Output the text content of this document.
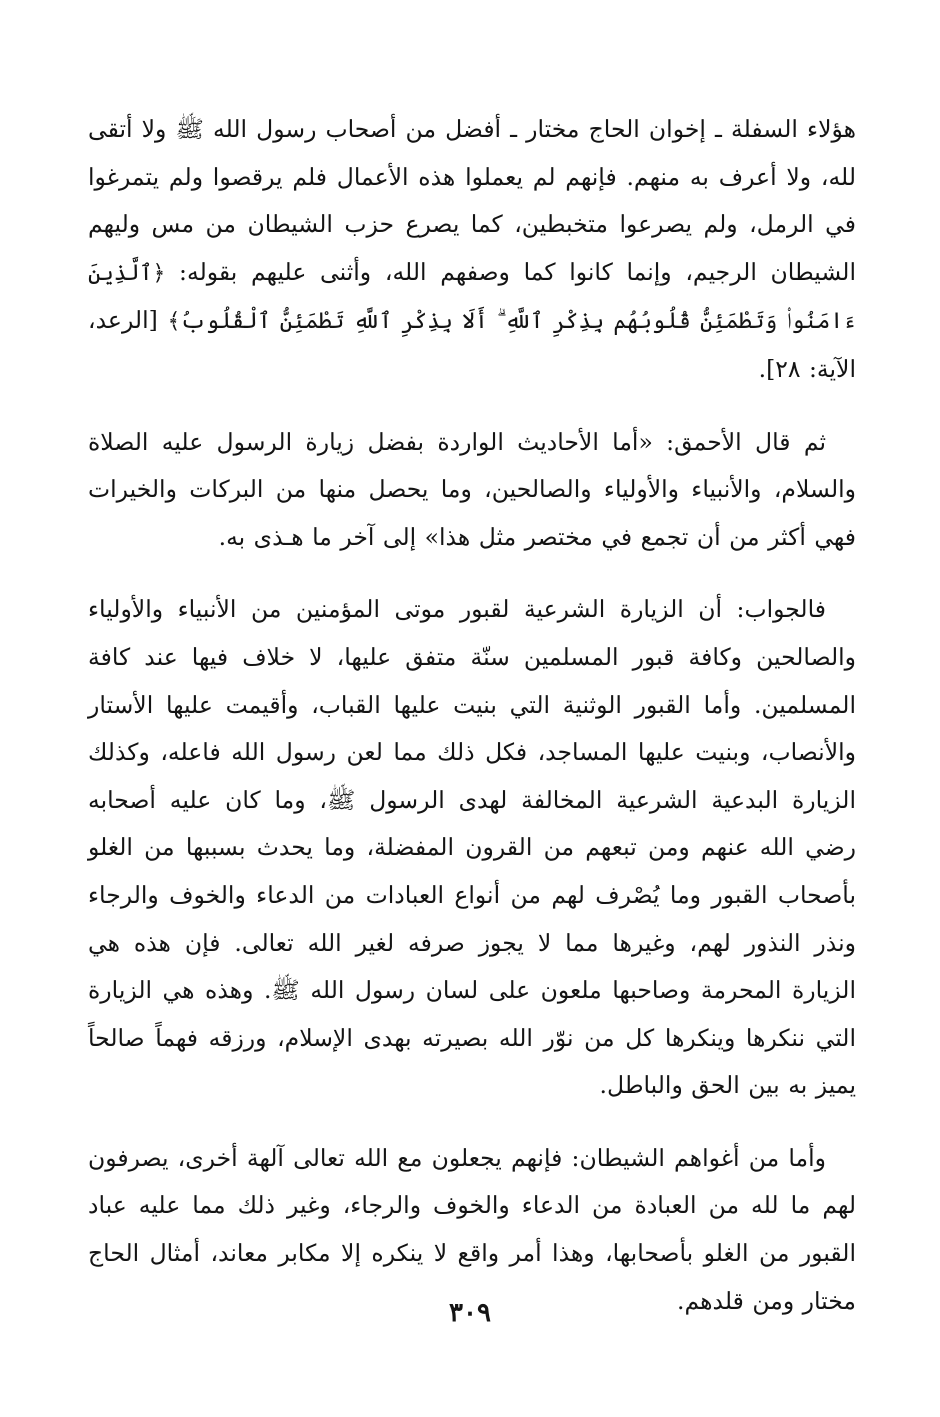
هؤلاء السفلة ـ إخوان الحاج مختار ـ أفضل من أصحاب رسول الله ﷺ ولا أتقى لله، ولا أعرف به منهم. فإنهم لم يعملوا هذه الأعمال فلم يرقصوا ولم يتمرغوا في الرمل، ولم يصرعوا متخبطين، كما يصرع حزب الشيطان من مس وليهم الشيطان الرجيم، وإنما كانوا كما وصفهم الله، وأثنى عليهم بقوله: ﴿ٱلَّذِينَ ءَامَنُوا۟ وَتَطْمَئِنُّ قُلُوبُهُم بِذِكْرِ ٱللَّهِ ۗ أَلَا بِذِكْرِ ٱللَّهِ تَطْمَئِنُّ ٱلْقُلُوبُ﴾ [الرعد، الآية: ٢٨].

ثم قال الأحمق: «أما الأحاديث الواردة بفضل زيارة الرسول عليه الصلاة والسلام، والأنبياء والأولياء والصالحين، وما يحصل منها من البركات والخيرات فهي أكثر من أن تجمع في مختصر مثل هذا» إلى آخر ما هـذى به.

فالجواب: أن الزيارة الشرعية لقبور موتى المؤمنين من الأنبياء والأولياء والصالحين وكافة قبور المسلمين سنّة متفق عليها، لا خلاف فيها عند كافة المسلمين. وأما القبور الوثنية التي بنيت عليها القباب، وأقيمت عليها الأستار والأنصاب، وبنيت عليها المساجد، فكل ذلك مما لعن رسول الله فاعله، وكذلك الزيارة البدعية الشرعية المخالفة لهدى الرسول ﷺ، وما كان عليه أصحابه رضي الله عنهم ومن تبعهم من القرون المفضلة، وما يحدث بسببها من الغلو بأصحاب القبور وما يُصْرف لهم من أنواع العبادات من الدعاء والخوف والرجاء ونذر النذور لهم، وغيرها مما لا يجوز صرفه لغير الله تعالى. فإن هذه هي الزيارة المحرمة وصاحبها ملعون على لسان رسول الله ﷺ. وهذه هي الزيارة التي ننكرها وينكرها كل من نوّر الله بصيرته بهدى الإسلام، ورزقه فهماً صالحاً يميز به بين الحق والباطل.

وأما من أغواهم الشيطان: فإنهم يجعلون مع الله تعالى آلهة أخرى، يصرفون لهم ما لله من العبادة من الدعاء والخوف والرجاء، وغير ذلك مما عليه عباد القبور من الغلو بأصحابها، وهذا أمر واقع لا ينكره إلا مكابر معاند، أمثال الحاج مختار ومن قلدهم.

٣٠٩
